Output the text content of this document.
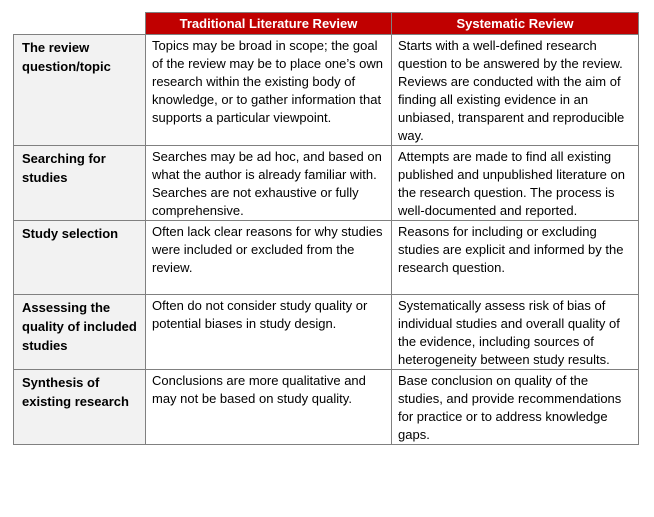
	Traditional Literature Review	Systematic Review
The review question/topic	Topics may be broad in scope; the goal of the review may be to place one’s own research within the existing body of knowledge, or to gather information that supports a particular viewpoint.	Starts with a well-defined research question to be answered by the review. Reviews are conducted with the aim of finding all existing evidence in an unbiased, transparent and reproducible way.
Searching for studies	Searches may be ad hoc, and based on what the author is already familiar with. Searches are not exhaustive or fully comprehensive.	Attempts are made to find all existing published and unpublished literature on the research question. The process is well-documented and reported.
Study selection	Often lack clear reasons for why studies were included or excluded from the review.	Reasons for including or excluding studies are explicit and informed by the research question.
Assessing the quality of included studies	Often do not consider study quality or potential biases in study design.	Systematically assess risk of bias of individual studies and overall quality of the evidence, including sources of heterogeneity between study results.
Synthesis of existing research	Conclusions are more qualitative and may not be based on study quality.	Base conclusion on quality of the studies, and provide recommendations for practice or to address knowledge gaps.
